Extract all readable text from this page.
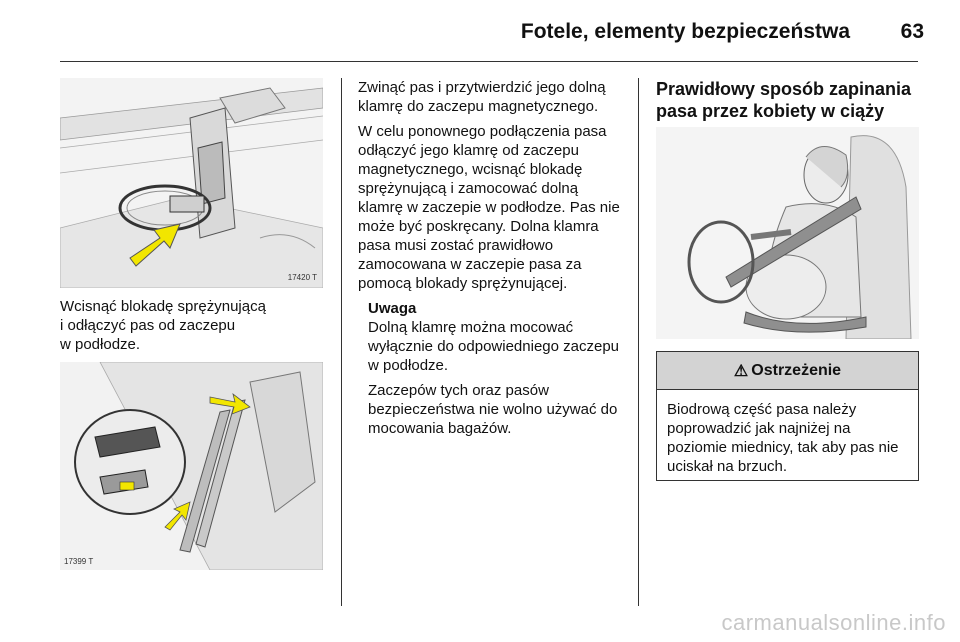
Fotele, elementy bezpieczeństwa 63
17420 T
Wcisnąć blokadę sprężynującą
i odłączyć pas od zaczepu
w podłodze.
17399 T

Zwinąć pas i przytwierdzić jego dolną klamrę do zaczepu magnetycznego.

W celu ponownego podłączenia pasa odłączyć jego klamrę od zaczepu magnetycznego, wcisnąć blokadę sprężynującą i zamocować dolną klamrę w zaczepie w podłodze. Pas nie może być poskręcany. Dolna klamra pasa musi zostać prawidłowo zamocowana w zaczepie pasa za pomocą blokady sprężynującej.

Uwaga

Dolną klamrę można mocować wyłącznie do odpowiedniego zaczepu w podłodze.

Zaczepów tych oraz pasów bezpieczeństwa nie wolno używać do mocowania bagażów.

Prawidłowy sposób zapinania pasa przez kobiety w ciąży
⚠ Ostrzeżenie
Biodrową część pasa należy poprowadzić jak najniżej na poziomie miednicy, tak aby pas nie uciskał na brzuch.
carmanualsonline.info
